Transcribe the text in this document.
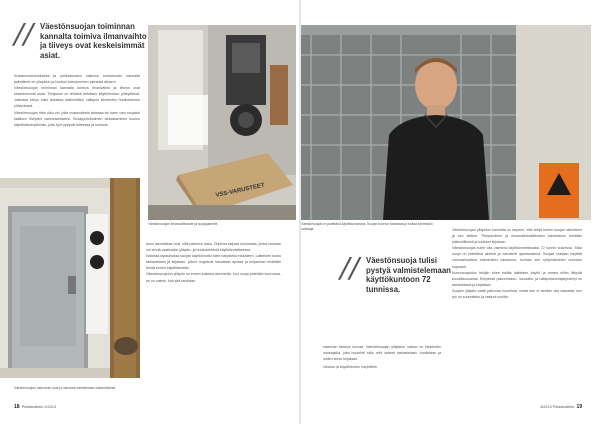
// Väestönsuojan toiminnan kannalta toimiva ilmanvaihto ja tiiveys ovat keskeisimmät asiat.

Kustannustehokkainta ja pelikasvuisen vaikutus toimivuuden kannalta jatkettimet on yllapidon ja huollon toteutuminen pienestä alkaen!

Väestönsuojan toiminnan kannalta toimiva ilmanvaihto ja tiiveys ovat keskeisimmät asiat. Tiiviyskoe on tehtävä laitoksen käyttöönoton yhteydessä. Jatkossa tiiviys tulisi tarkistaa säännöllisin väliajoin kiinteistön huoltotoimien yhteydessä.

Väestönsuojan tiivis ulko-ovi, joita ovaseudesta tahansa tai ovien vain suojaksi kaikkien tiiviyden varmistamiseksi. Sovappuhdistimen tarkastaminen kuuluu käyttötoimenpiteisiin, jotta työt pysyvät laiteessa ja toimivat.

VSS-VARUSTEET
Väestönsuojan ilmanvaihtolaite ja suojapaneelit.
Väestönsuojan rakenteen osat ja varusteet tarkistetaan säännöllisesti.

doon ammatissa ovat, sillä palvelun laatu. Ohjelma tarjoaa koulutusta, jonka mukaan voi tehdä vaativiakin ylläpito- ja huoltotehtäviä käyttöönotettaessa.

Kaikissa tapauksissa suojan käyttöönotto tulee harjoitella etukäteen. Laitteiden kunto tarkastetaan ja kirjataan, jolloin ongelmat havaitaan ajoissa ja korjaukset ehditään tehdä ennen käyttötarvetta.

Väestönsuojelun ylläpito on ennen kaikkea asennetta. Kun suoja pidetään kunnossa, se on valmis, kun sitä tarvitaan.

18 Pelastustieto 4/2013
Väestönsuojat on pidettävä käyttökuntoisina. Suojan kunnon tarkastaa ja hoitaa kiinteistön omistaja.
// Väestönsuoja tulisi pystyä valmistelemaan käyttökuntoon 72 tunnissa.

sisennan tärkeys korvaa. Väestönsuojan ylläpidon vastuu on kiinteistön omistajalla, joka huolehtii siitä, että laitteet tarkastetaan, huolletaan ja niiden kunto kirjataan.

Vastuut ja käyttöönoton harjoittelu

Väestönsuojan ylläpidon kannalta on tarpeen, että tekijä tuntee suojan rakenteen ja sen laitteet. Tiiviyskokeen ja ilmanvaihtolaitteiston toimintakoe tehdään säännöllisesti ja tulokset kirjataan.

Väestönsuojan tulee olla valmiina käyttöönotettavaksi 72 tunnin kuluessa. Siksi suoja on pidettävä siistinä ja varusteet ajantasaisina. Suojaa voidaan käyttää normaalioloissa esimerkiksi varastona, kunhan sen tyhjentäminen onnistuu nopeasti.

Kunnossapidon tekijän tulee hallita laitteiden käyttö ja tuntea niihin liittyvät turvallisuusasiat. Erityisesti painovirtaus-, suodatin- ja hätäpoistumisjärjestelyt on tarkistettava ja kirjattava.

Suojien ylläpito vaatii jatkuvaa huomiota, mutta sen ei tarvitse olla raskasta, kun työ on suunniteltu ja vastuut sovittu.

4/2013 Pelastustieto 19
